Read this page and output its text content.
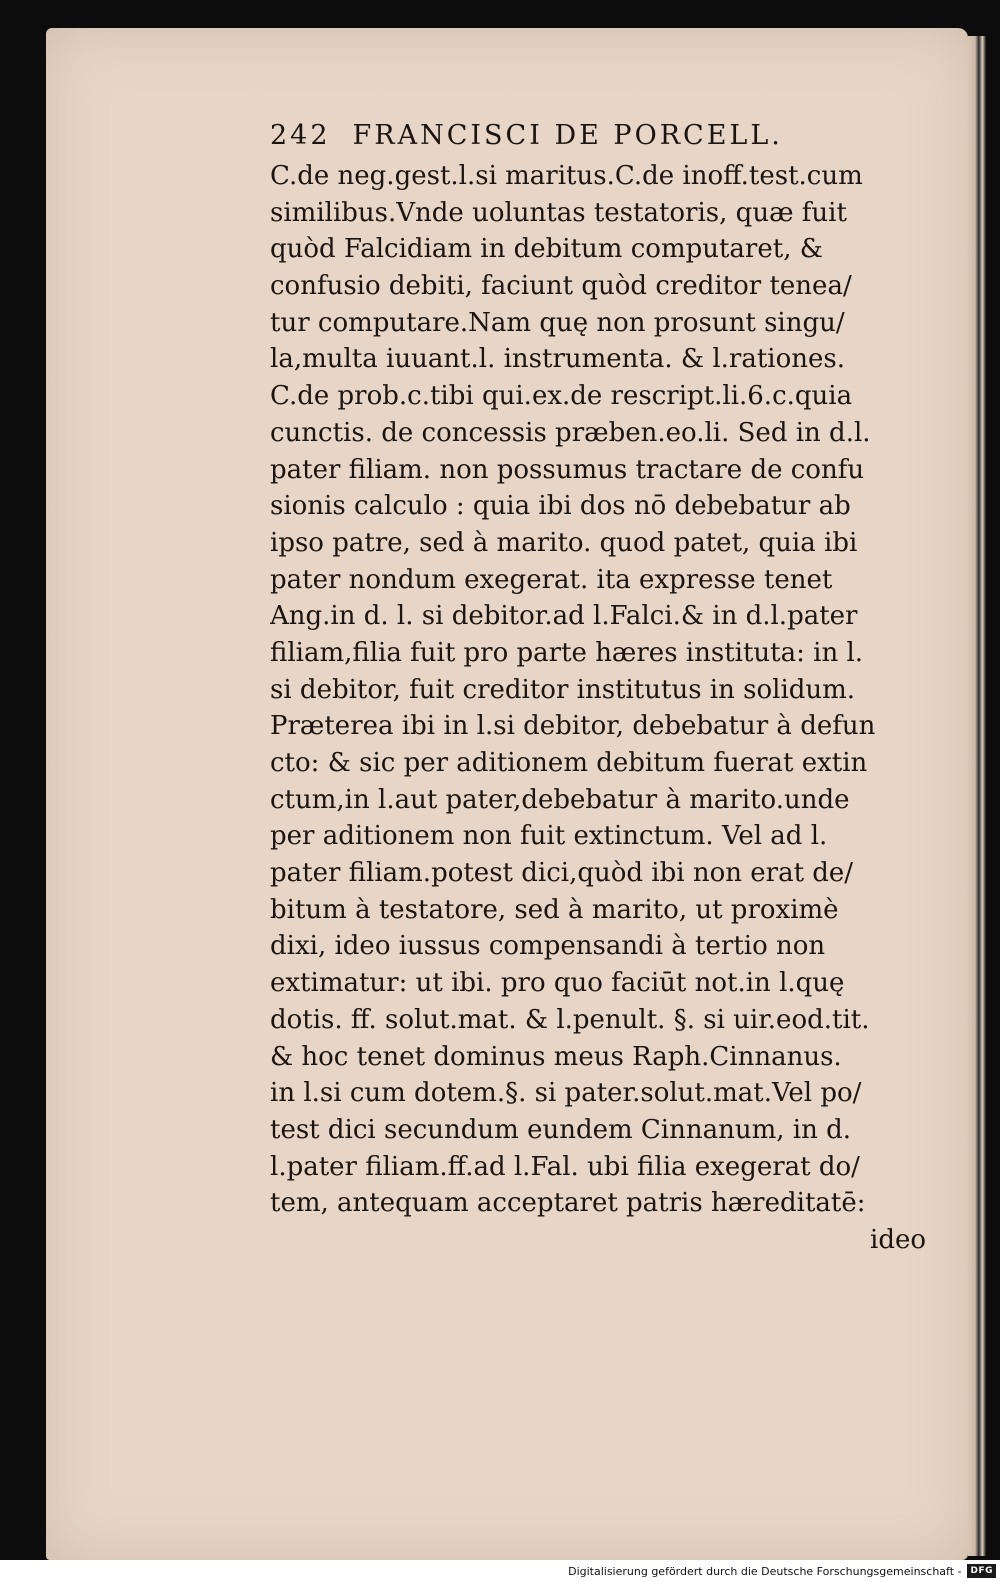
242 FRANCISCI DE PORCELL.
C.de neg.gest.l.si maritus.C.de inoff.test.cum
similibus.Vnde uoluntas testatoris, quæ fuit
quòd Falcidiam in debitum computaret, &
confusio debiti, faciunt quòd creditor tenea/
tur computare.Nam quę non prosunt singu/
la,multa iuuant.l. instrumenta. & l.rationes.
C.de prob.c.tibi qui.ex.de rescript.li.6.c.quia
cunctis. de concessis præben.eo.li. Sed in d.l.
pater filiam. non possumus tractare de confu
sionis calculo : quia ibi dos nō debebatur ab
ipso patre, sed à marito. quod patet, quia ibi
pater nondum exegerat. ita expresse tenet
Ang.in d. l. si debitor.ad l.Falci.& in d.l.pater
filiam,filia fuit pro parte hæres instituta: in l.
si debitor, fuit creditor institutus in solidum.
Præterea ibi in l.si debitor, debebatur à defun
cto: & sic per aditionem debitum fuerat extin
ctum,in l.aut pater,debebatur à marito.unde
per aditionem non fuit extinctum. Vel ad l.
pater filiam.potest dici,quòd ibi non erat de/
bitum à testatore, sed à marito, ut proximè
dixi, ideo iussus compensandi à tertio non
extimatur: ut ibi. pro quo faciūt not.in l.quę
dotis. ff. solut.mat. & l.penult. §. si uir.eod.tit.
& hoc tenet dominus meus Raph.Cinnanus.
in l.si cum dotem.§. si pater.solut.mat.Vel po/
test dici secundum eundem Cinnanum, in d.
l.pater filiam.ff.ad l.Fal. ubi filia exegerat do/
tem, antequam acceptaret patris hæreditatē:
ideo
Digitalisierung gefördert durch die Deutsche Forschungsgemeinschaft -	DFG
